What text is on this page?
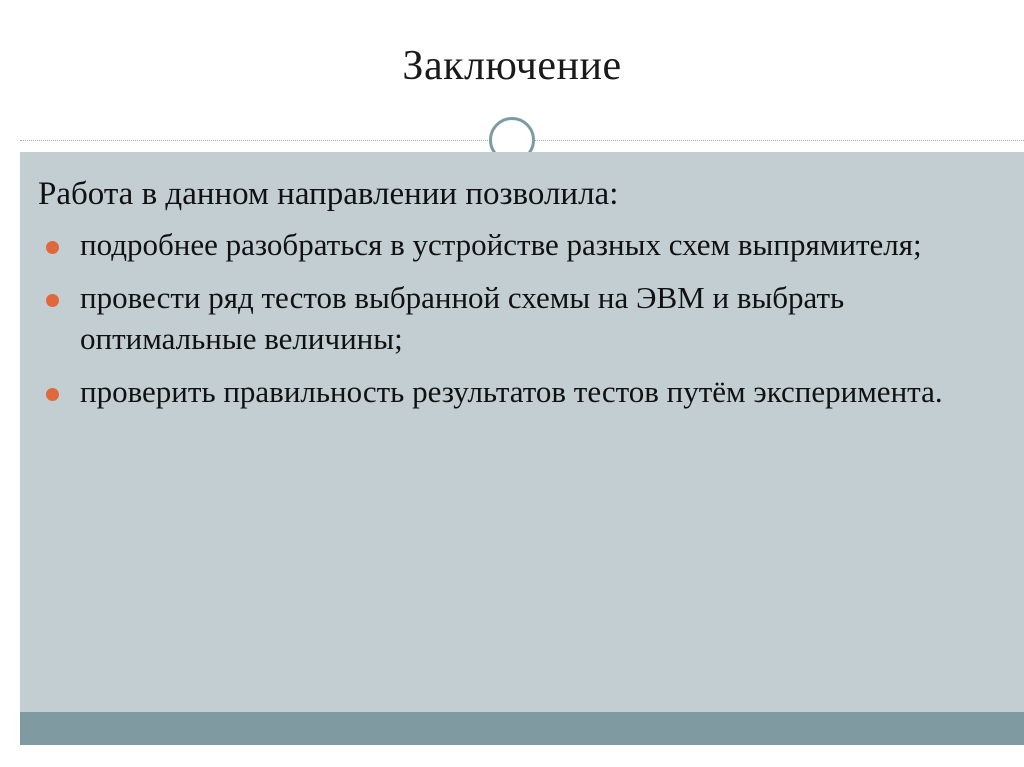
Заключение

Работа в данном направлении позволила:

подробнее разобраться в устройстве разных схем выпрямителя;
провести ряд тестов выбранной схемы на ЭВМ и выбрать оптимальные величины;
проверить правильность результатов тестов путём эксперимента.
